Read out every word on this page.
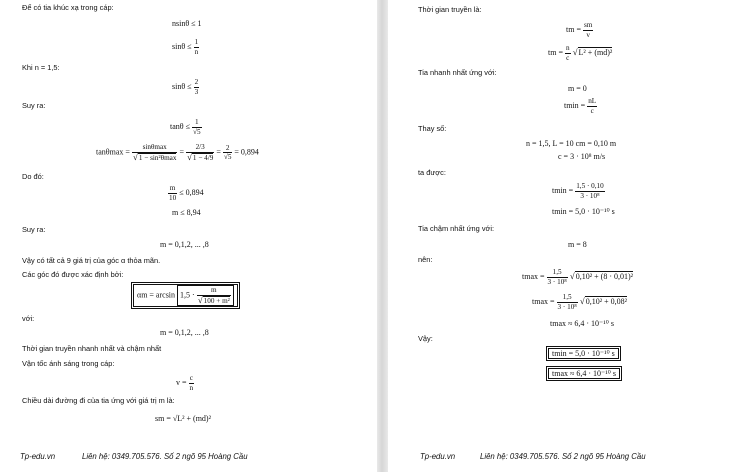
Để có tia khúc xạ trong cáp:
nsinθ ≤ 1
$\sin\theta \le \frac{1}{n}$
Khi n = 1,5:
$\sin\theta \le \frac{2}{3}$
Suy ra:
$\tan\theta \le \frac{1}{√5}$
$\tan\theta\max = \frac{\sin\theta\max}{\text{√1 − sin²θmax}} = \frac{2/3}{√1 - 4/9} = \frac{2}{√5} = 0,894$
Do đó:
$\frac{m}{10} \le 0,894$
m ≤ 8,94
Suy ra:
m = 0,1,2, ... ,8
Vậy có tất cả 9 giá trị của góc α thỏa mãn.
Các góc đó được xác định bởi:
$\alpha m = \arcsin 1,5 \cdot \frac{m}{\text{√100 + m²}}$
với:
m = 0,1,2, ... ,8
Thời gian truyền nhanh nhất và chậm nhất
Vận tốc ánh sáng trong cáp:
$v = \frac{c}{n}$
Chiều dài đường đi của tia ứng với giá trị m là:
sm = √L² + (md)²
Tp-edu.vn	Liên hệ: 0349.705.576. Số 2 ngõ 95 Hoàng Cầu
Thời gian truyền là:
tm = $\frac{sm}{v}$
tm = $\frac{n}{c} √L^2 + (md)^2$
Tia nhanh nhất ứng với:
m = 0
$tmin = \frac{nL}{c}$
Thay số:
n = 1,5, L = 10 cm = 0,10 m
c = 3 · 10⁸ m/s
ta được:
$tmin = \frac{1,5 \cdot 0,10}{\text{3 · 10⁸}}$
tmin = 5,0 · 10⁻¹⁰ s
Tia chậm nhất ứng với:
m = 8
nên:
$tmax = \frac{1,5}{\text{3 · 10⁸}} √0,10^2 + (8 \cdot 0,01)^2$
$tmax = \frac{1,5}{\text{3 · 10⁸}} √0,10^2 + 0,08^2$
tmax ≈ 6,4 · 10⁻¹⁰ s
Vậy:
tmin = 5,0 · 10⁻¹⁰ s
tmax ≈ 6,4 · 10⁻¹⁰ s
Tp-edu.vn	Liên hệ: 0349.705.576. Số 2 ngõ 95 Hoàng Cầu
